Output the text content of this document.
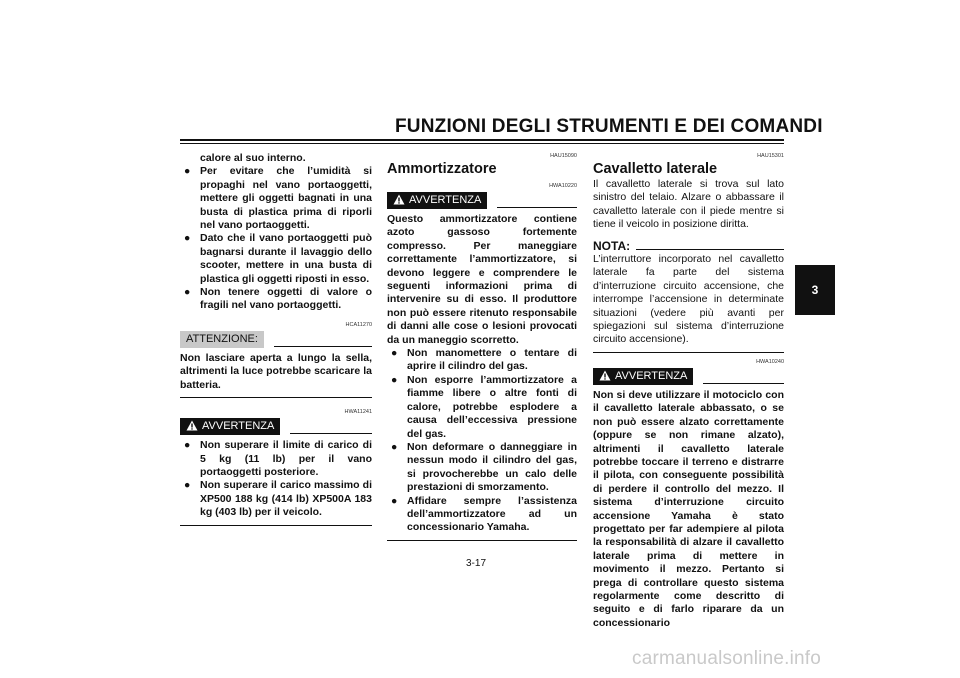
FUNZIONI DEGLI STRUMENTI E DEI COMANDI
3
calore al suo interno.
● Per evitare che l’umidità si propaghi nel vano portaoggetti, mettere gli oggetti bagnati in una busta di plastica prima di riporli nel vano portaoggetti.
● Dato che il vano portaoggetti può bagnarsi durante il lavaggio dello scooter, mettere in una busta di plastica gli oggetti riposti in esso.
● Non tenere oggetti di valore o fragili nel vano portaoggetti.
HCA11270
ATTENZIONE:
Non lasciare aperta a lungo la sella, altrimenti la luce potrebbe scaricare la batteria.
HWA11241
AVVERTENZA
● Non superare il limite di carico di 5 kg (11 lb) per il vano portaoggetti posteriore.
● Non superare il carico massimo di XP500 188 kg (414 lb) XP500A 183 kg (403 lb) per il veicolo.
HAU15090
Ammortizzatore
HWA10220
AVVERTENZA
Questo ammortizzatore contiene azoto gassoso fortemente compresso. Per maneggiare correttamente l’ammortizzatore, si devono leggere e comprendere le seguenti informazioni prima di intervenire su di esso. Il produttore non può essere ritenuto responsabile di danni alle cose o lesioni provocati da un maneggio scorretto.
● Non manomettere o tentare di aprire il cilindro del gas.
● Non esporre l’ammortizzatore a fiamme libere o altre fonti di calore, potrebbe esplodere a causa dell’eccessiva pressione del gas.
● Non deformare o danneggiare in nessun modo il cilindro del gas, si provocherebbe un calo delle prestazioni di smorzamento.
● Affidare sempre l’assistenza dell’ammortizzatore ad un concessionario Yamaha.
HAU15301
Cavalletto laterale
Il cavalletto laterale si trova sul lato sinistro del telaio. Alzare o abbassare il cavalletto laterale con il piede mentre si tiene il veicolo in posizione diritta.
NOTA:
L’interruttore incorporato nel cavalletto laterale fa parte del sistema d’interruzione circuito accensione, che interrompe l’accensione in determinate situazioni (vedere più avanti per spiegazioni sul sistema d’interruzione circuito accensione).
HWA10240
AVVERTENZA
Non si deve utilizzare il motociclo con il cavalletto laterale abbassato, o se non può essere alzato correttamente (oppure se non rimane alzato), altrimenti il cavalletto laterale potrebbe toccare il terreno e distrarre il pilota, con conseguente possibilità di perdere il controllo del mezzo. Il sistema d’interruzione circuito accensione Yamaha è stato progettato per far adempiere al pilota la responsabilità di alzare il cavalletto laterale prima di mettere in movimento il mezzo. Pertanto si prega di controllare questo sistema regolarmente come descritto di seguito e di farlo riparare da un concessionario
3-17
carmanualsonline.info
